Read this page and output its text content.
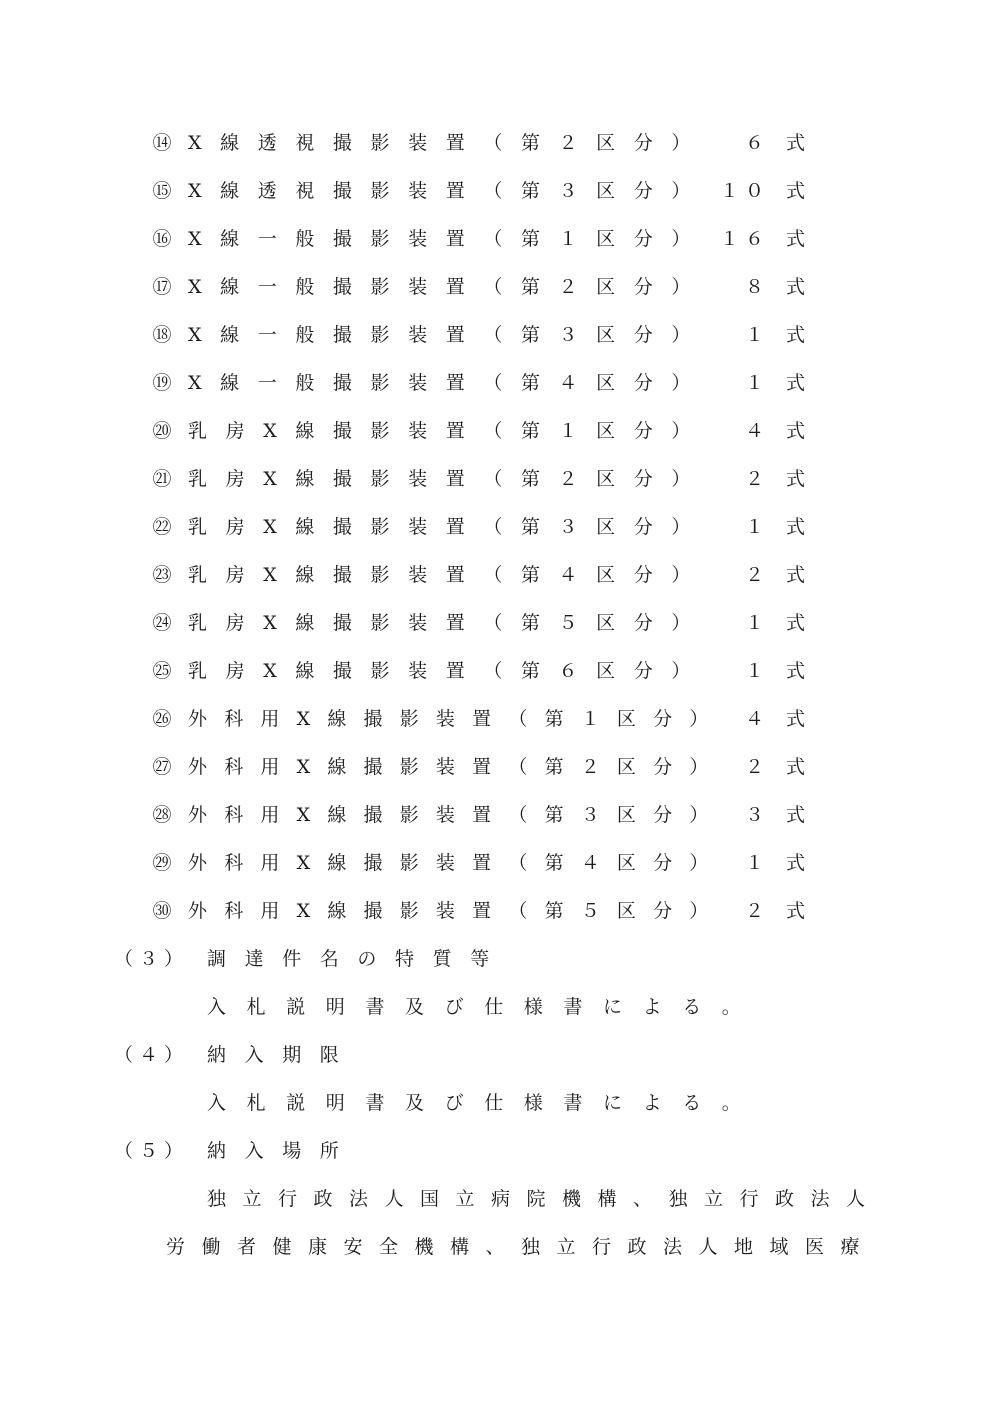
⑭ X線透視撮影装置（第２区分）	６ 式
⑮ X線透視撮影装置（第３区分） １０ 式
⑯ X線一般撮影装置（第１区分） １６ 式
⑰ X線一般撮影装置（第２区分）	８ 式
⑱ X線一般撮影装置（第３区分）	１ 式
⑲ X線一般撮影装置（第４区分）	１ 式
⑳ 乳房X線撮影装置（第１区分）	４ 式
㉑ 乳房X線撮影装置（第２区分）	２ 式
㉒ 乳房X線撮影装置（第３区分）	１ 式
㉓ 乳房X線撮影装置（第４区分）	２ 式
㉔ 乳房X線撮影装置（第５区分）	１ 式
㉕ 乳房X線撮影装置（第６区分）	１ 式
㉖ 外科用X線撮影装置（第１区分）	４ 式
㉗ 外科用X線撮影装置（第２区分）	２ 式
㉘ 外科用X線撮影装置（第３区分）	３ 式
㉙ 外科用X線撮影装置（第４区分）	１ 式
㉚ 外科用X線撮影装置（第５区分）	２ 式
（３） 調達件名の特質等
入札説明書及び仕様書による。
（４） 納入期限
入札説明書及び仕様書による。
（５） 納入場所
独立行政法人国立病院機構、独立行政法人
労働者健康安全機構、独立行政法人地域医療
